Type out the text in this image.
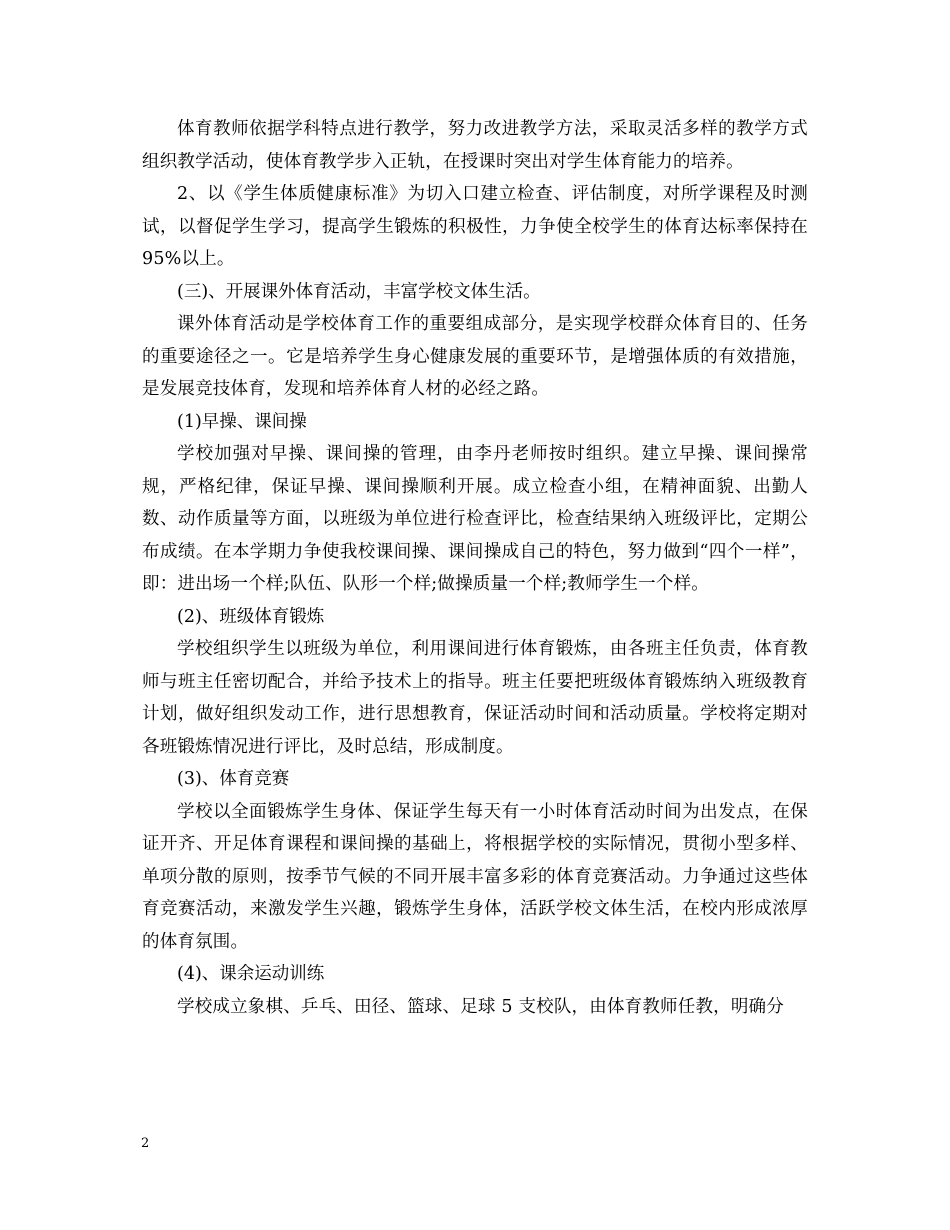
体育教师依据学科特点进行教学，努力改进教学方法，采取灵活多样的教学方式组织教学活动，使体育教学步入正轨，在授课时突出对学生体育能力的培养。

2、以《学生体质健康标准》为切入口建立检查、评估制度，对所学课程及时测试，以督促学生学习，提高学生锻炼的积极性，力争使全校学生的体育达标率保持在 95%以上。

(三)、开展课外体育活动，丰富学校文体生活。

课外体育活动是学校体育工作的重要组成部分，是实现学校群众体育目的、任务的重要途径之一。它是培养学生身心健康发展的重要环节，是增强体质的有效措施，是发展竞技体育，发现和培养体育人材的必经之路。

(1)早操、课间操

学校加强对早操、课间操的管理，由李丹老师按时组织。建立早操、课间操常规，严格纪律，保证早操、课间操顺利开展。成立检查小组，在精神面貌、出勤人数、动作质量等方面，以班级为单位进行检查评比，检查结果纳入班级评比，定期公布成绩。在本学期力争使我校课间操、课间操成自己的特色，努力做到“四个一样”，即：进出场一个样;队伍、队形一个样;做操质量一个样;教师学生一个样。

(2)、班级体育锻炼

学校组织学生以班级为单位，利用课间进行体育锻炼，由各班主任负责，体育教师与班主任密切配合，并给予技术上的指导。班主任要把班级体育锻炼纳入班级教育计划，做好组织发动工作，进行思想教育，保证活动时间和活动质量。学校将定期对各班锻炼情况进行评比，及时总结，形成制度。

(3)、体育竞赛

学校以全面锻炼学生身体、保证学生每天有一小时体育活动时间为出发点，在保证开齐、开足体育课程和课间操的基础上，将根据学校的实际情况，贯彻小型多样、单项分散的原则，按季节气候的不同开展丰富多彩的体育竞赛活动。力争通过这些体育竞赛活动，来激发学生兴趣，锻炼学生身体，活跃学校文体生活，在校内形成浓厚的体育氛围。

(4)、课余运动训练

学校成立象棋、乒乓、田径、篮球、足球 5 支校队，由体育教师任教，明确分

2
